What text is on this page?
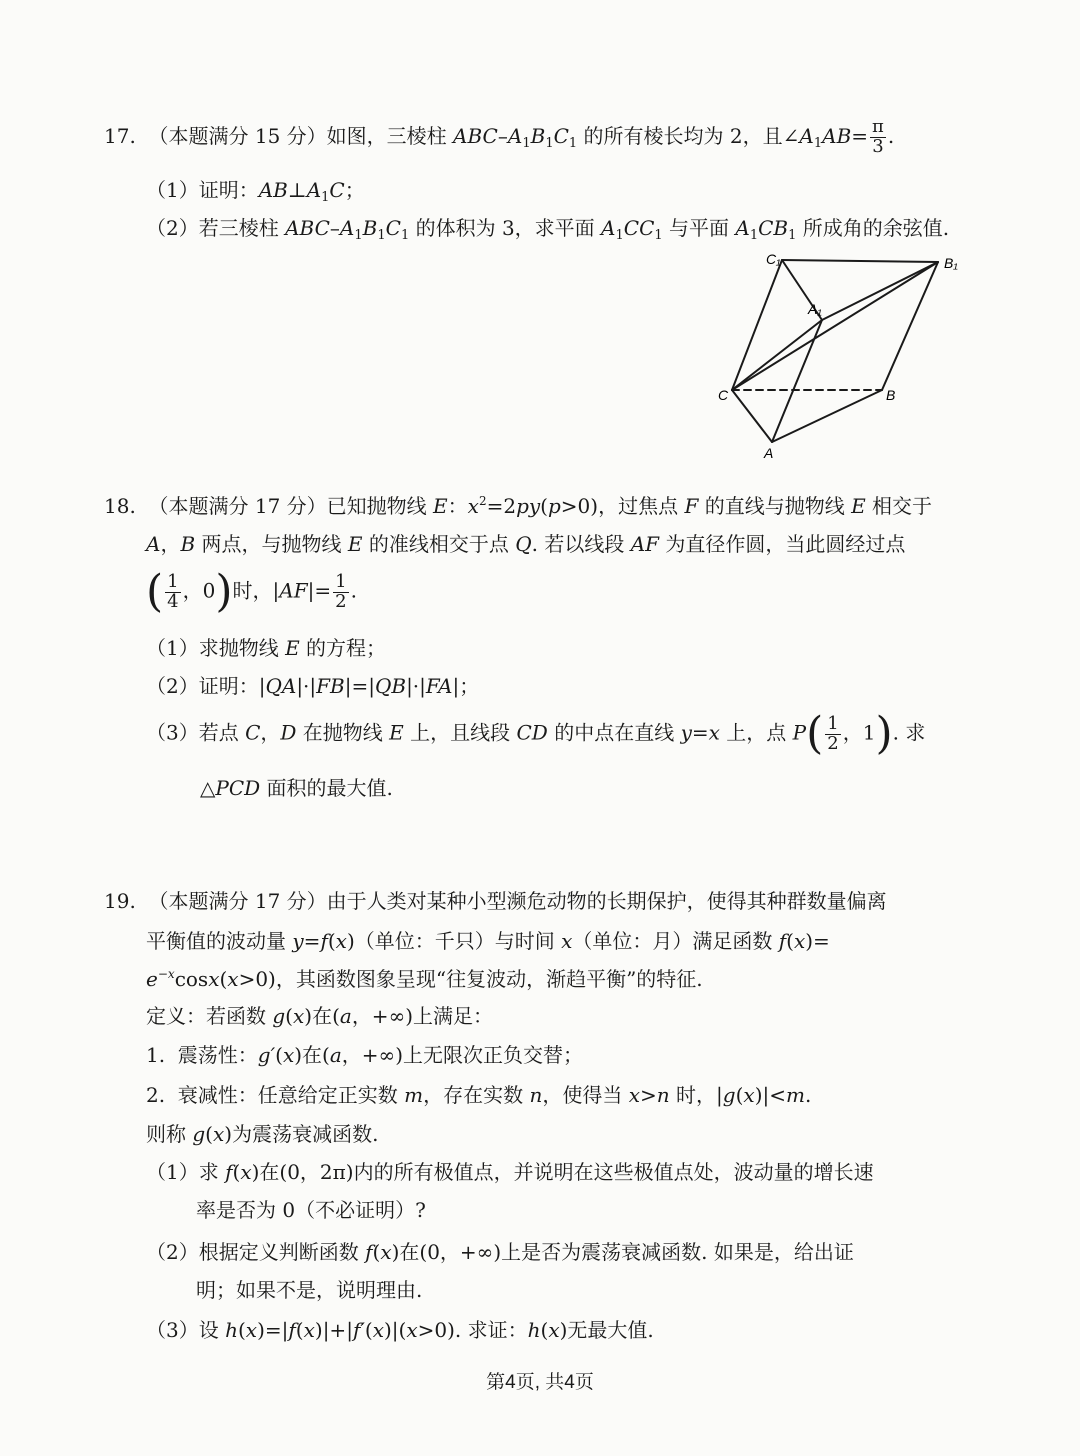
17.  （本题满分 15 分）如图，三棱柱 ABC–$A_1B_1C_1$ 的所有棱长均为 2，且$\angle A_1AB= \frac{\pi}{3}$ .
（1）证明：$AB\perp A_1C$；
（2）若三棱柱 ABC–$A_1B_1C_1$ 的体积为 3，求平面 $A_1CC_1$ 与平面 $A_1CB_1$ 所成角的余弦值.
C₁	B₁
A₁
C	B
A
18.  （本题满分 17 分）已知抛物线 E：$x^2=2py(p>0)$，过焦点 F 的直线与抛物线 E 相交于
A，B 两点，与抛物线 E 的准线相交于点 Q. 若以线段 AF 为直径作圆，当此圆经过点
( $\frac{1}{4}$ ，0)时，$|AF|= \frac{1}{2}$ .
（1）求抛物线 E 的方程；
（2）证明：|QA|·|FB|=|QB|·|FA|；
（3）若点 C，D 在抛物线 E 上，且线段 CD 的中点在直线 y=x 上，点 $P( \frac{1}{2}$ ，1). 求
△PCD 面积的最大值.
19.  （本题满分 17 分）由于人类对某种小型濒危动物的长期保护，使得其种群数量偏离
平衡值的波动量 y=f(x)（单位：千只）与时间 x（单位：月）满足函数 f(x)=
$e^{-x}\cos x(x>0)$，其函数图象呈现“往复波动，渐趋平衡”的特征.
定义：若函数 g(x)在(a，+∞)上满足：
1.  震荡性：g′(x)在(a，+∞)上无限次正负交替；
2.  衰减性：任意给定正实数 m，存在实数 n，使得当 x>n 时，|g(x)|<m.
则称 g(x)为震荡衰减函数.
（1）求 f(x)在(0，2π)内的所有极值点，并说明在这些极值点处，波动量的增长速
率是否为 0（不必证明）?
（2）根据定义判断函数 f(x)在(0，+∞)上是否为震荡衰减函数. 如果是，给出证
明；如果不是，说明理由.
（3）设 h(x)=|f(x)|+|f′(x)|(x>0). 求证：h(x)无最大值.
第4页, 共4页
